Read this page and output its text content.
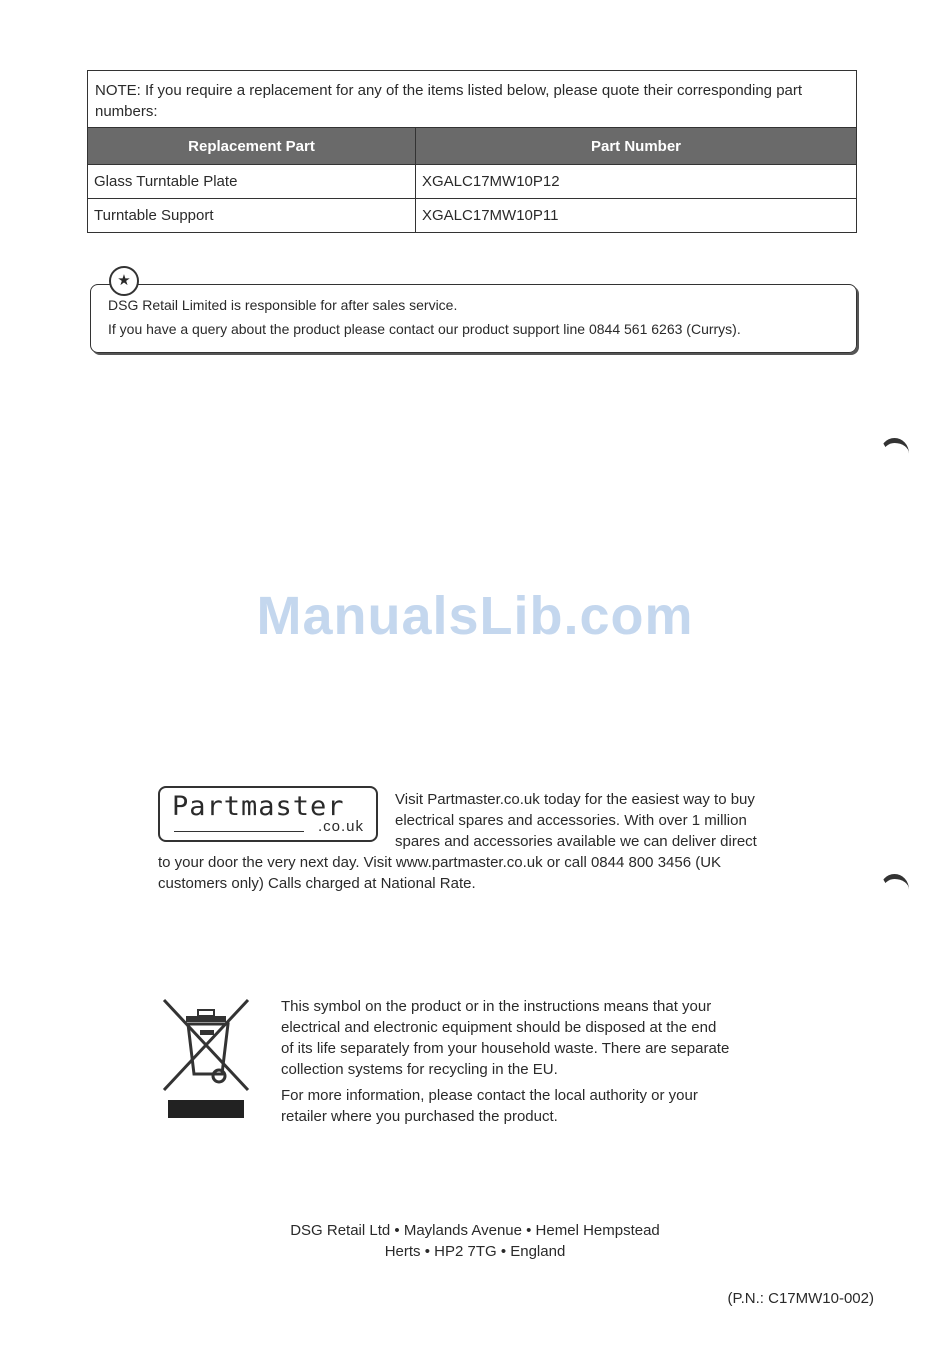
NOTE: If you require a replacement for any of the items listed below, please quote their corresponding part numbers:
Replacement Part	Part Number
Glass Turntable Plate	XGALC17MW10P12
Turntable Support	XGALC17MW10P11
★
DSG Retail Limited is responsible for after sales service.
If you have a query about the product please contact our product support line 0844 561 6263 (Currys).
ManualsLib.com
Partmaster
.co.uk
Visit Partmaster.co.uk today for the easiest way to buy
electrical spares and accessories. With over 1 million
spares and accessories available we can deliver direct
to your door the very next day. Visit www.partmaster.co.uk or call 0844 800 3456 (UK
customers only) Calls charged at National Rate.
This symbol on the product or in the instructions means that your
electrical and electronic equipment should be disposed at the end
of its life separately from your household waste. There are separate
collection systems for recycling in the EU.
For more information, please contact the local authority or your
retailer where you purchased the product.
DSG Retail Ltd • Maylands Avenue • Hemel Hempstead
Herts • HP2 7TG • England
(P.N.: C17MW10-002)
